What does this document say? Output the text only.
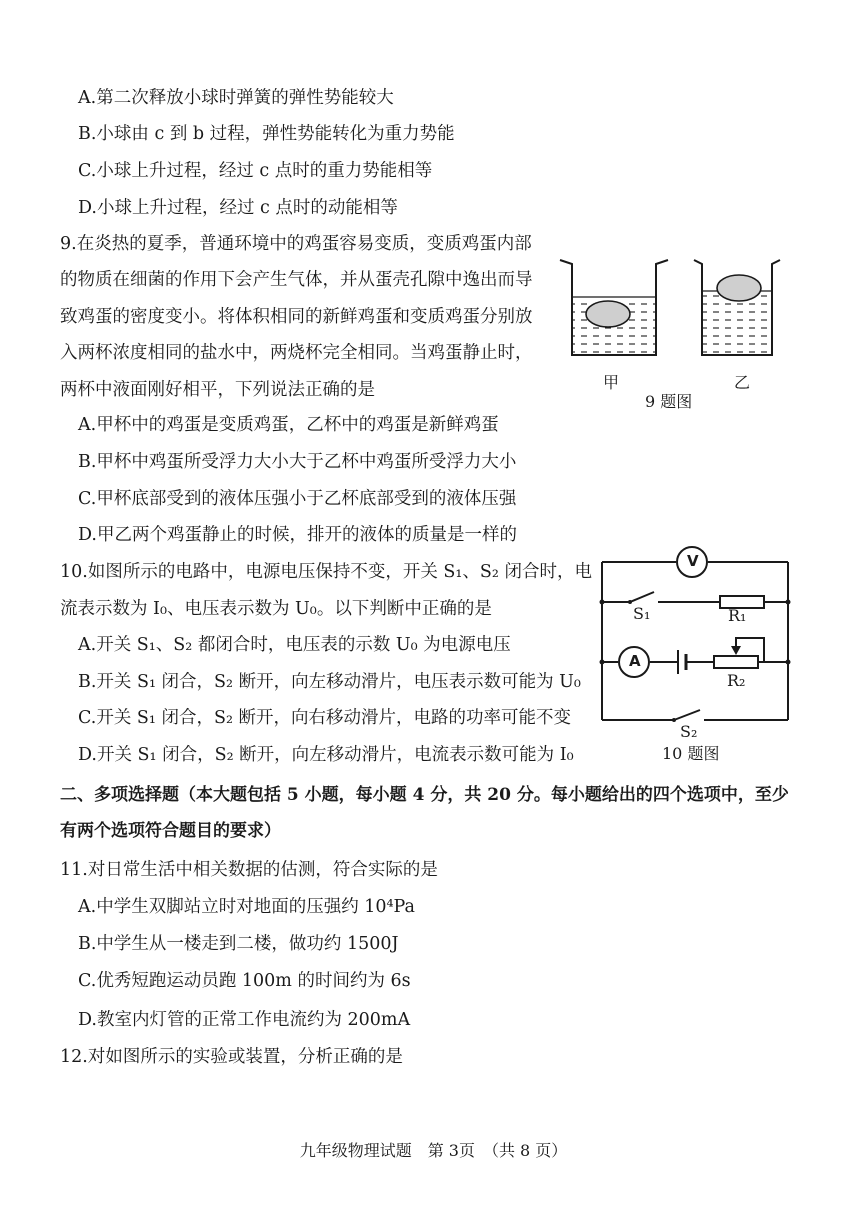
A.第二次释放小球时弹簧的弹性势能较大
B.小球由 c 到 b 过程，弹性势能转化为重力势能
C.小球上升过程，经过 c 点时的重力势能相等
D.小球上升过程，经过 c 点时的动能相等
9.在炎热的夏季，普通环境中的鸡蛋容易变质，变质鸡蛋内部
的物质在细菌的作用下会产生气体，并从蛋壳孔隙中逸出而导
致鸡蛋的密度变小。将体积相同的新鲜鸡蛋和变质鸡蛋分别放
入两杯浓度相同的盐水中，两烧杯完全相同。当鸡蛋静止时，
两杯中液面刚好相平，下列说法正确的是
A.甲杯中的鸡蛋是变质鸡蛋，乙杯中的鸡蛋是新鲜鸡蛋
B.甲杯中鸡蛋所受浮力大小大于乙杯中鸡蛋所受浮力大小
C.甲杯底部受到的液体压强小于乙杯底部受到的液体压强
D.甲乙两个鸡蛋静止的时候，排开的液体的质量是一样的
甲	乙
9 题图
10.如图所示的电路中，电源电压保持不变，开关 S₁、S₂ 闭合时，电
流表示数为 I₀、电压表示数为 U₀。以下判断中正确的是
A.开关 S₁、S₂ 都闭合时，电压表的示数 U₀ 为电源电压
B.开关 S₁ 闭合，S₂ 断开，向左移动滑片，电压表示数可能为 U₀
C.开关 S₁ 闭合，S₂ 断开，向右移动滑片，电路的功率可能不变
D.开关 S₁ 闭合，S₂ 断开，向左移动滑片，电流表示数可能为 I₀
V
A
S₁	R₁
R₂
S₂
10 题图
二、多项选择题（本大题包括 5 小题，每小题 4 分，共 20 分。每小题给出的四个选项中，至少
有两个选项符合题目的要求）
11.对日常生活中相关数据的估测，符合实际的是
A.中学生双脚站立时对地面的压强约 10⁴Pa
B.中学生从一楼走到二楼，做功约 1500J
C.优秀短跑运动员跑 100m 的时间约为 6s
D.教室内灯管的正常工作电流约为 200mA
12.对如图所示的实验或装置，分析正确的是
九年级物理试题　第 3页　（共 8 页）
